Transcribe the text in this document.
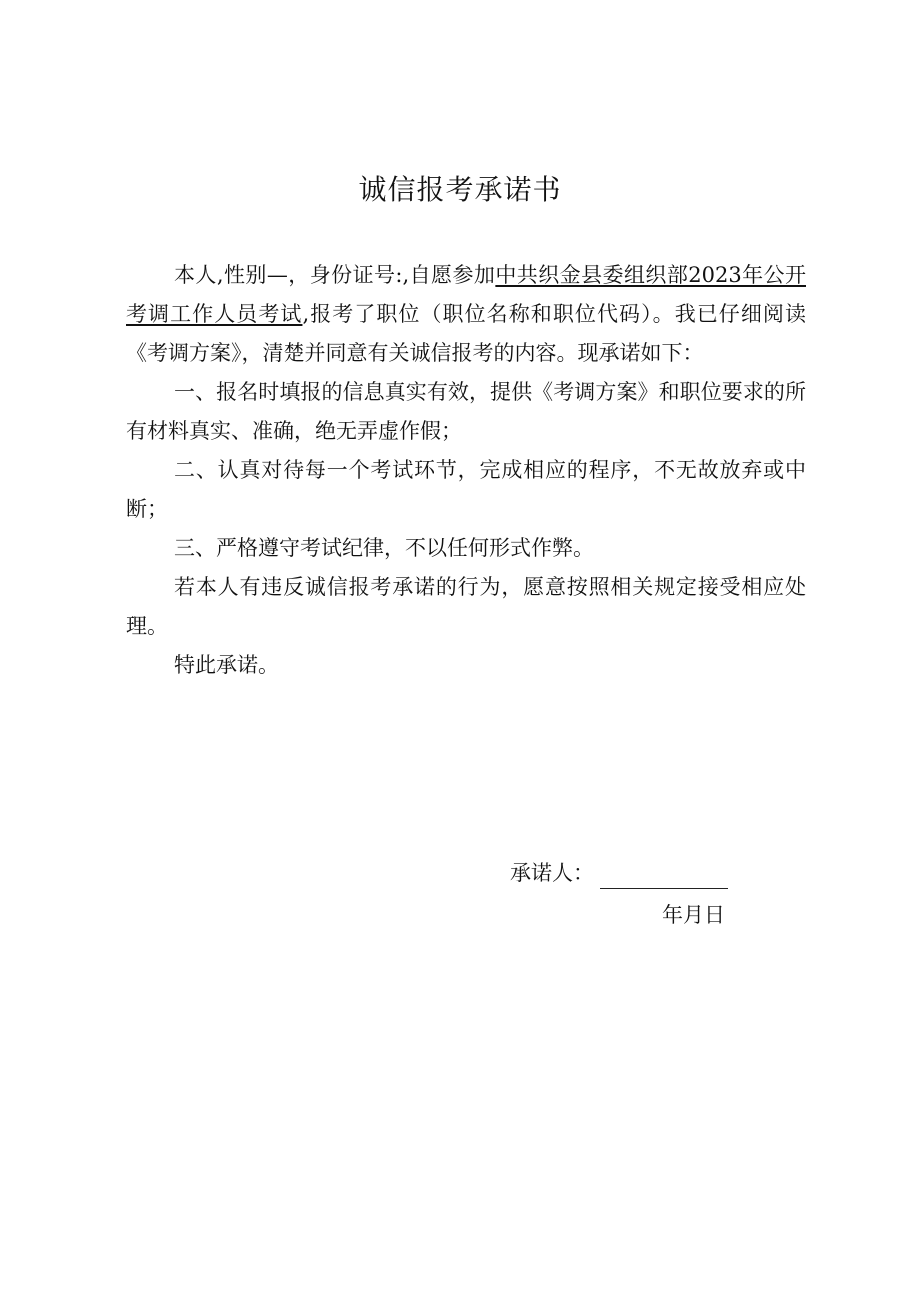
诚信报考承诺书

本人,性别—，身份证号:,自愿参加中共织金县委组织部2023年公开考调工作人员考试,报考了职位（职位名称和职位代码）。我已仔细阅读《考调方案》，清楚并同意有关诚信报考的内容。现承诺如下：

一、报名时填报的信息真实有效，提供《考调方案》和职位要求的所有材料真实、准确，绝无弄虚作假；

二、认真对待每一个考试环节，完成相应的程序，不无故放弃或中断；

三、严格遵守考试纪律，不以任何形式作弊。

若本人有违反诚信报考承诺的行为，愿意按照相关规定接受相应处理。

特此承诺。

承诺人：
年月日
